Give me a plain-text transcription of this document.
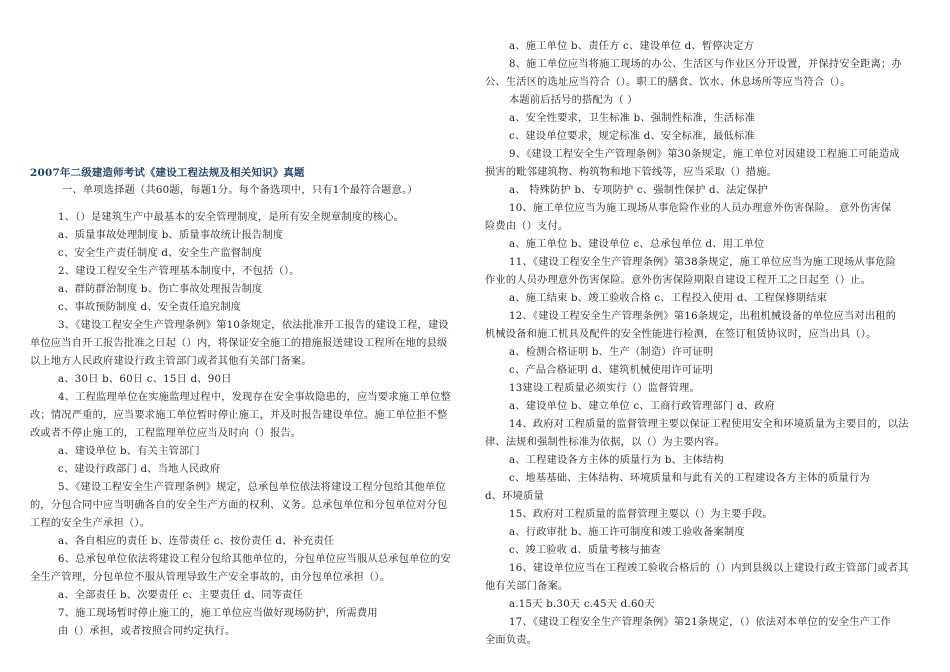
2007年二级建造师考试《建设工程法规及相关知识》真题
一、单项选择题（共60题，每题1分。每个备选项中，只有1个最符合题意。）
1、（）是建筑生产中最基本的安全管理制度，是所有安全规章制度的核心。
a、质量事故处理制度 b、质量事故统计报告制度
c、安全生产责任制度 d、安全生产监督制度
2、建设工程安全生产管理基本制度中，不包括（）。
a、群防群治制度 b、伤亡事故处理报告制度
c、事故预防制度 d、安全责任追究制度
3、《建设工程安全生产管理条例》第10条规定，依法批准开工报告的建设工程，建设
单位应当自开工报告批准之日起（）内，将保证安全施工的措施报送建设工程所在地的县级
以上地方人民政府建设行政主管部门或者其他有关部门备案。
a、30日 b、60日 c、15日 d、90日
4、工程监理单位在实施监理过程中，发现存在安全事故隐患的，应当要求施工单位整
改；情况严重的，应当要求施工单位暂时停止施工，并及时报告建设单位。施工单位拒不整
改或者不停止施工的，工程监理单位应当及时向（）报告。
a、建设单位 b、有关主管部门
c、建设行政部门 d、当地人民政府
5、《建设工程安全生产管理条例》规定，总承包单位依法将建设工程分包给其他单位
的，分包合同中应当明确各自的安全生产方面的权利、义务。总承包单位和分包单位对分包
工程的安全生产承担（）。
a、各自相应的责任 b、连带责任 c、按份责任 d、补充责任
6、总承包单位依法将建设工程分包给其他单位的，分包单位应当服从总承包单位的安
全生产管理，分包单位不服从管理导致生产安全事故的，由分包单位承担（）。
a、全部责任 b、次要责任 c、主要责任 d、同等责任
7、施工现场暂时停止施工的，施工单位应当做好现场防护，所需费用
由（）承担，或者按照合同约定执行。
a、施工单位 b、责任方 c、建设单位 d、暂停决定方
8、施工单位应当将施工现场的办公、生活区与作业区分开设置，并保持安全距离；办
公、生活区的选址应当符合（）。职工的膳食、饮水、休息场所等应当符合（）。
本题前后括号的搭配为（ ）
a、安全性要求，卫生标准 b、强制性标准，生活标准
c、建设单位要求，规定标准 d、安全标准，最低标准
9、《建设工程安全生产管理条例》第30条规定，施工单位对因建设工程施工可能造成
损害的毗邻建筑物、构筑物和地下管线等，应当采取（）措施。
a、 特殊防护 b、专项防护 c、强制性保护 d、法定保护
10、施工单位应当为施工现场从事危险作业的人员办理意外伤害保险。 意外伤害保
险费由（）支付。
a、施工单位 b、建设单位 c、总承包单位 d、用工单位
11、《建设工程安全生产管理条例》第38条规定，施工单位应当为施工现场从事危险
作业的人员办理意外伤害保险。意外伤害保险期限自建设工程开工之日起至（）止。
a、施工结束 b、竣工验收合格 c、工程投入使用 d、工程保修期结束
12、《建设工程安全生产管理条例》第16条规定，出租机械设备的单位应当对出租的
机械设备和施工机具及配件的安全性能进行检测，在签订租赁协议时，应当出具（）。
a、检测合格证明 b、生产（制造）许可证明
c、产品合格证明 d、建筑机械使用许可证明
13建设工程质量必须实行（）监督管理。
a、建设单位 b、建立单位 c、工商行政管理部门 d、政府
14、政府对工程质量的监督管理主要以保证工程使用安全和环境质量为主要目的，以法
律、法规和强制性标准为依据，以（）为主要内容。
a、工程建设各方主体的质量行为 b、主体结构
c、地基基础、主体结构、环境质量和与此有关的工程建设各方主体的质量行为
d、环境质量
15、政府对工程质量的监督管理主要以（）为主要手段。
a、行政审批 b、施工许可制度和竣工验收备案制度
c、竣工验收 d、质量考核与抽查
16、建设单位应当在工程竣工验收合格后的（）内到县级以上建设行政主管部门或者其
他有关部门备案。
a.15天 b.30天 c.45天 d.60天
17、《建设工程安全生产管理条例》第21条规定，（）依法对本单位的安全生产工作
全面负责。
